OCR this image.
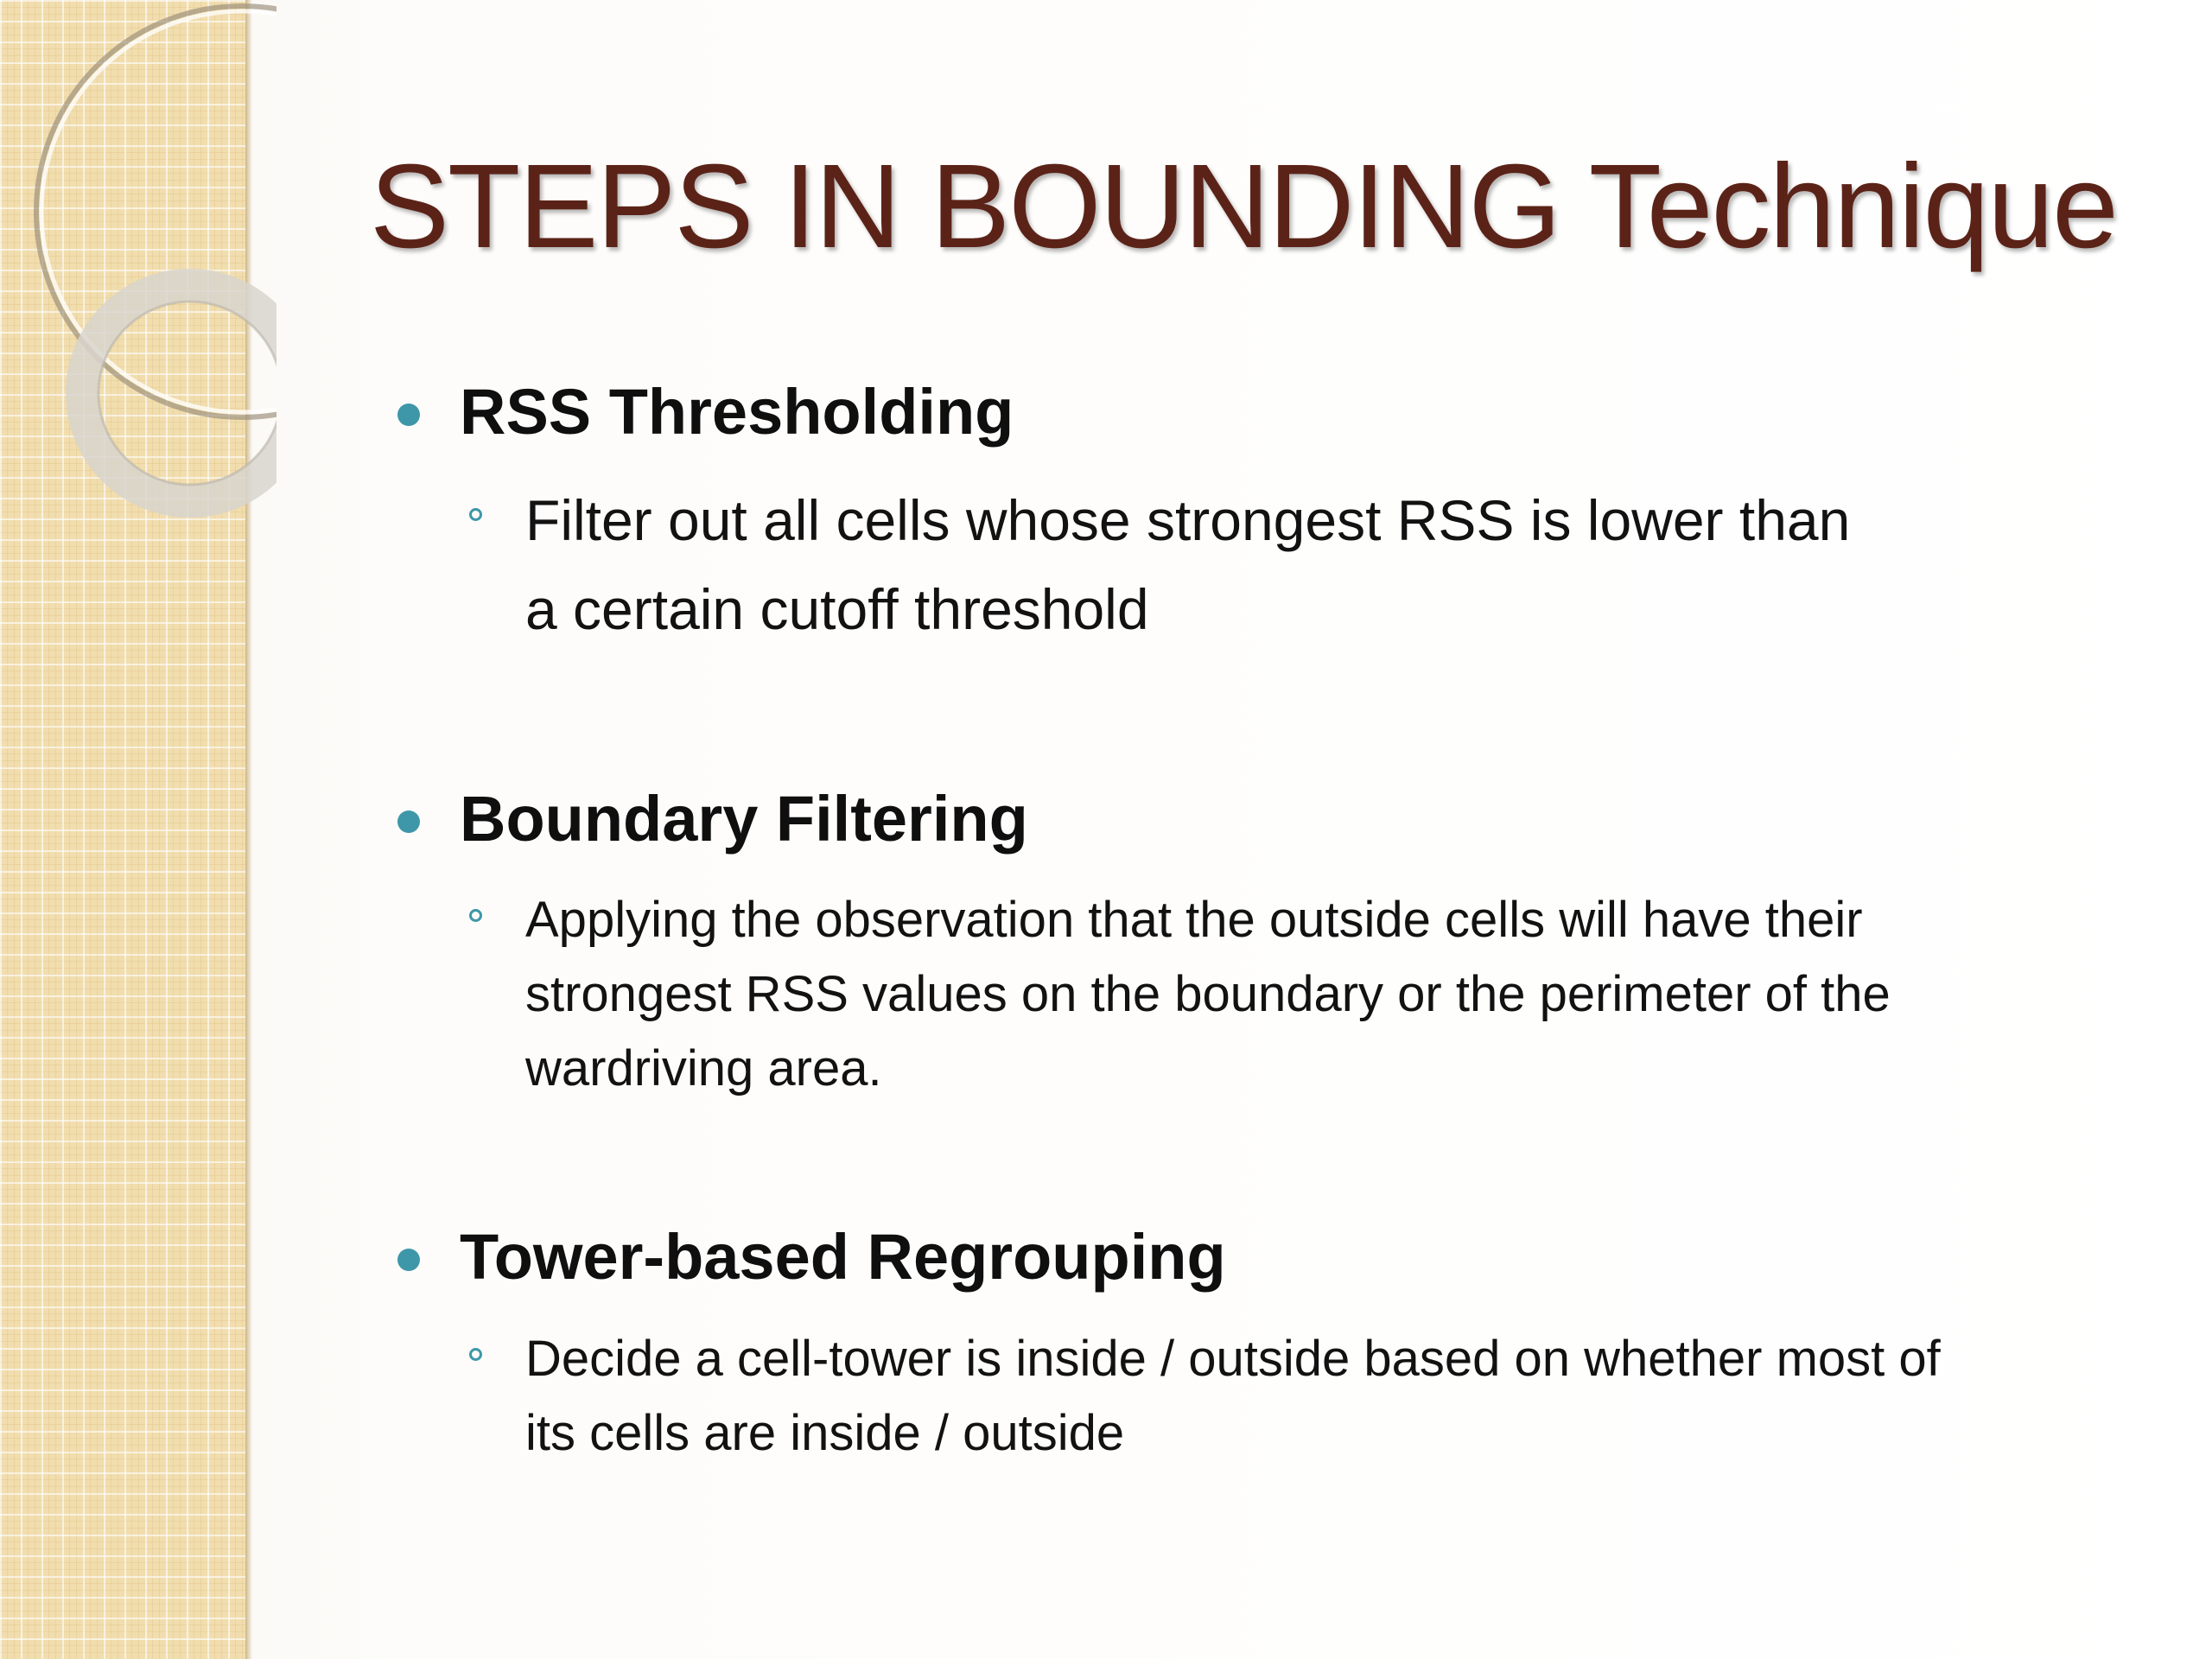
STEPS IN BOUNDING Technique
RSS Thresholding

Filter out all cells whose strongest RSS is lower than
a certain cutoff threshold

Boundary Filtering

Applying the observation that the outside cells will have their
strongest RSS values on the boundary or the perimeter of the
wardriving area.

Tower-based Regrouping

Decide a cell-tower is inside / outside based on whether most of
its cells are inside / outside
